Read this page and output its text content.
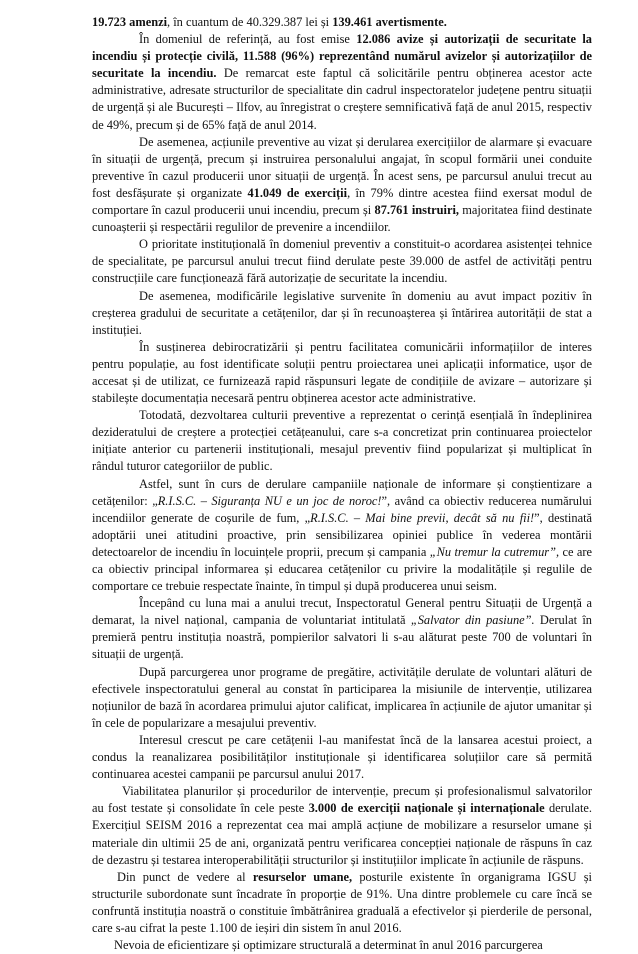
19.723 amenzi, în cuantum de 40.329.387 lei și 139.461 avertismente.

În domeniul de referință, au fost emise 12.086 avize și autorizații de securitate la incendiu și protecție civilă, 11.588 (96%) reprezentând numărul avizelor și autorizațiilor de securitate la incendiu. De remarcat este faptul că solicitările pentru obținerea acestor acte administrative, adresate structurilor de specialitate din cadrul inspectoratelor județene pentru situații de urgență și ale București – Ilfov, au înregistrat o creștere semnificativă față de anul 2015, respectiv de 49%, precum și de 65% față de anul 2014.

De asemenea, acțiunile preventive au vizat și derularea exercițiilor de alarmare și evacuare în situații de urgență, precum și instruirea personalului angajat, în scopul formării unei conduite preventive în cazul producerii unor situații de urgență. În acest sens, pe parcursul anului trecut au fost desfășurate și organizate 41.049 de exerciții, în 79% dintre acestea fiind exersat modul de comportare în cazul producerii unui incendiu, precum și 87.761 instruiri, majoritatea fiind destinate cunoașterii și respectării regulilor de prevenire a incendiilor.

O prioritate instituțională în domeniul preventiv a constituit-o acordarea asistenței tehnice de specialitate, pe parcursul anului trecut fiind derulate peste 39.000 de astfel de activități pentru construcțiile care funcționează fără autorizație de securitate la incendiu.

De asemenea, modificările legislative survenite în domeniu au avut impact pozitiv în creșterea gradului de securitate a cetățenilor, dar și în recunoașterea și întărirea autorității de stat a instituției.

În susținerea debirocratizării și pentru facilitatea comunicării informațiilor de interes pentru populație, au fost identificate soluții pentru proiectarea unei aplicații informatice, ușor de accesat și de utilizat, ce furnizează rapid răspunsuri legate de condițiile de avizare – autorizare și stabilește documentația necesară pentru obținerea acestor acte administrative.

Totodată, dezvoltarea culturii preventive a reprezentat o cerință esențială în îndeplinirea dezideratului de creștere a protecției cetățeanului, care s-a concretizat prin continuarea proiectelor inițiate anterior cu partenerii instituționali, mesajul preventiv fiind popularizat și multiplicat în rândul tuturor categoriilor de public.

Astfel, sunt în curs de derulare campaniile naționale de informare și conștientizare a cetățenilor: „R.I.S.C. – Siguranța NU e un joc de noroc!”, având ca obiectiv reducerea numărului incendiilor generate de coșurile de fum, „R.I.S.C. – Mai bine previi, decât să nu fii!”, destinată adoptării unei atitudini proactive, prin sensibilizarea opiniei publice în vederea montării detectoarelor de incendiu în locuințele proprii, precum și campania „Nu tremur la cutremur”, ce are ca obiectiv principal informarea și educarea cetățenilor cu privire la modalitățile și regulile de comportare ce trebuie respectate înainte, în timpul și după producerea unui seism.

Începând cu luna mai a anului trecut, Inspectoratul General pentru Situații de Urgență a demarat, la nivel național, campania de voluntariat intitulată „Salvator din pasiune”. Derulat în premieră pentru instituția noastră, pompierilor salvatori li s-au alăturat peste 700 de voluntari în situații de urgență.

După parcurgerea unor programe de pregătire, activitățile derulate de voluntari alături de efectivele inspectoratului general au constat în participarea la misiunile de intervenție, utilizarea noțiunilor de bază în acordarea primului ajutor calificat, implicarea în acțiunile de ajutor umanitar și în cele de popularizare a mesajului preventiv.

Interesul crescut pe care cetățenii l-au manifestat încă de la lansarea acestui proiect, a condus la reanalizarea posibilităților instituționale și identificarea soluțiilor care să permită continuarea acestei campanii pe parcursul anului 2017.

Viabilitatea planurilor și procedurilor de intervenție, precum și profesionalismul salvatorilor au fost testate și consolidate în cele peste 3.000 de exerciții naționale și internaționale derulate. Exercițiul SEISM 2016 a reprezentat cea mai amplă acțiune de mobilizare a resurselor umane și materiale din ultimii 25 de ani, organizată pentru verificarea concepției naționale de răspuns în caz de dezastru și testarea interoperabilității structurilor și instituțiilor implicate în acțiunile de răspuns.

Din punct de vedere al resurselor umane, posturile existente în organigrama IGSU și structurile subordonate sunt încadrate în proporție de 91%. Una dintre problemele cu care încă se confruntă instituția noastră o constituie îmbătrânirea graduală a efectivelor și pierderile de personal, care s-au cifrat la peste 1.100 de ieșiri din sistem în anul 2016.

Nevoia de eficientizare și optimizare structurală a determinat în anul 2016 parcurgerea
